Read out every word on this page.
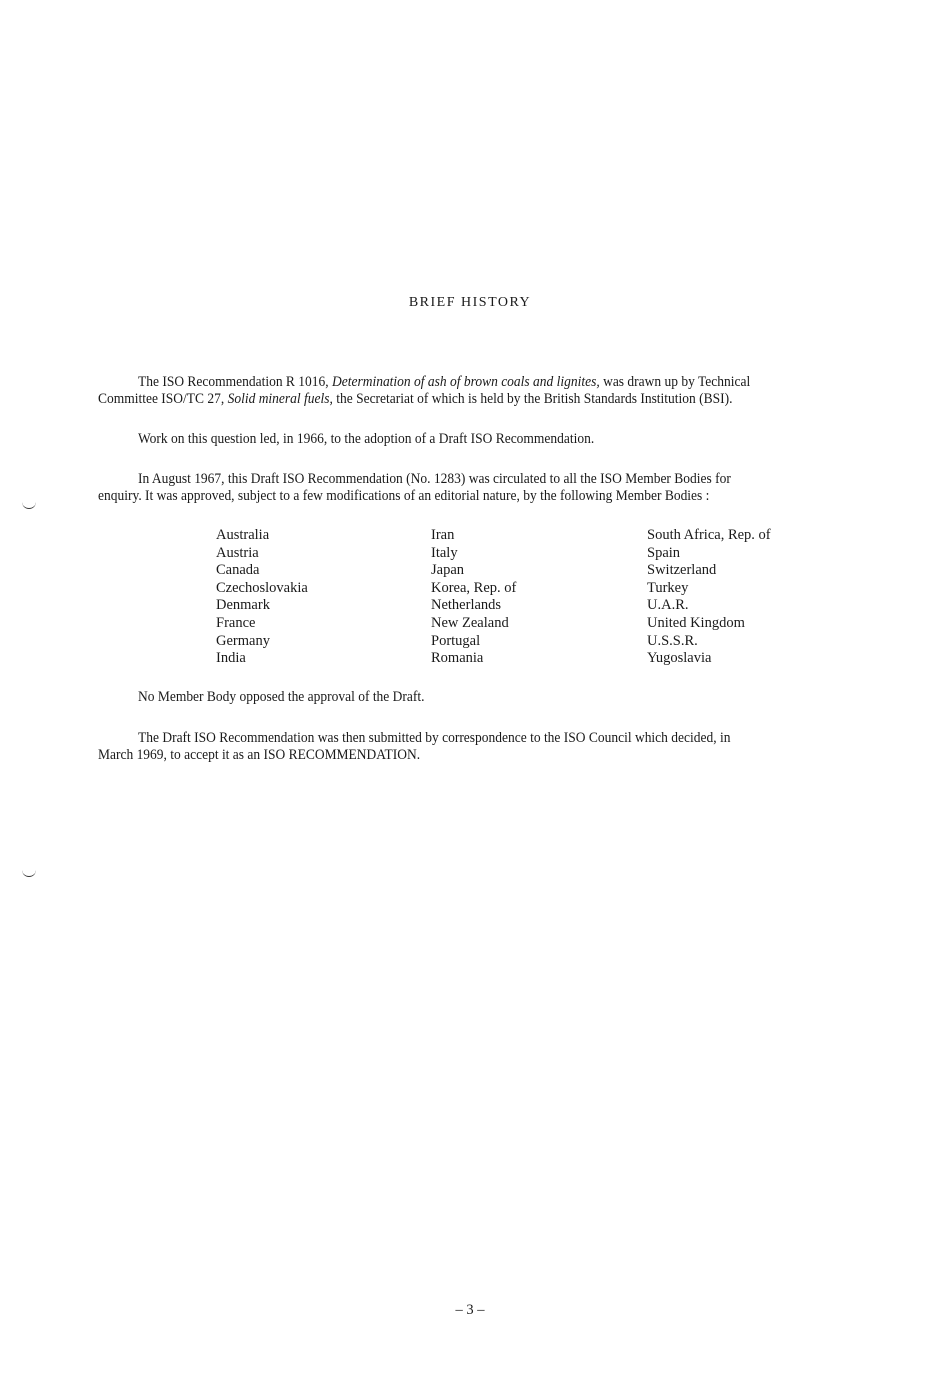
BRIEF HISTORY
The ISO Recommendation R 1016, Determination of ash of brown coals and lignites, was drawn up by Technical
Committee ISO/TC 27, Solid mineral fuels, the Secretariat of which is held by the British Standards Institution (BSI).
Work on this question led, in 1966, to the adoption of a Draft ISO Recommendation.
In August 1967, this Draft ISO Recommendation (No. 1283) was circulated to all the ISO Member Bodies for
enquiry. It was approved, subject to a few modifications of an editorial nature, by the following Member Bodies :
Australia
Austria
Canada
Czechoslovakia
Denmark
France
Germany
India
Iran
Italy
Japan
Korea, Rep. of
Netherlands
New Zealand
Portugal
Romania
South Africa, Rep. of
Spain
Switzerland
Turkey
U.A.R.
United Kingdom
U.S.S.R.
Yugoslavia
No Member Body opposed the approval of the Draft.
The Draft ISO Recommendation was then submitted by correspondence to the ISO Council which decided, in
March 1969, to accept it as an ISO RECOMMENDATION.
– 3 –
